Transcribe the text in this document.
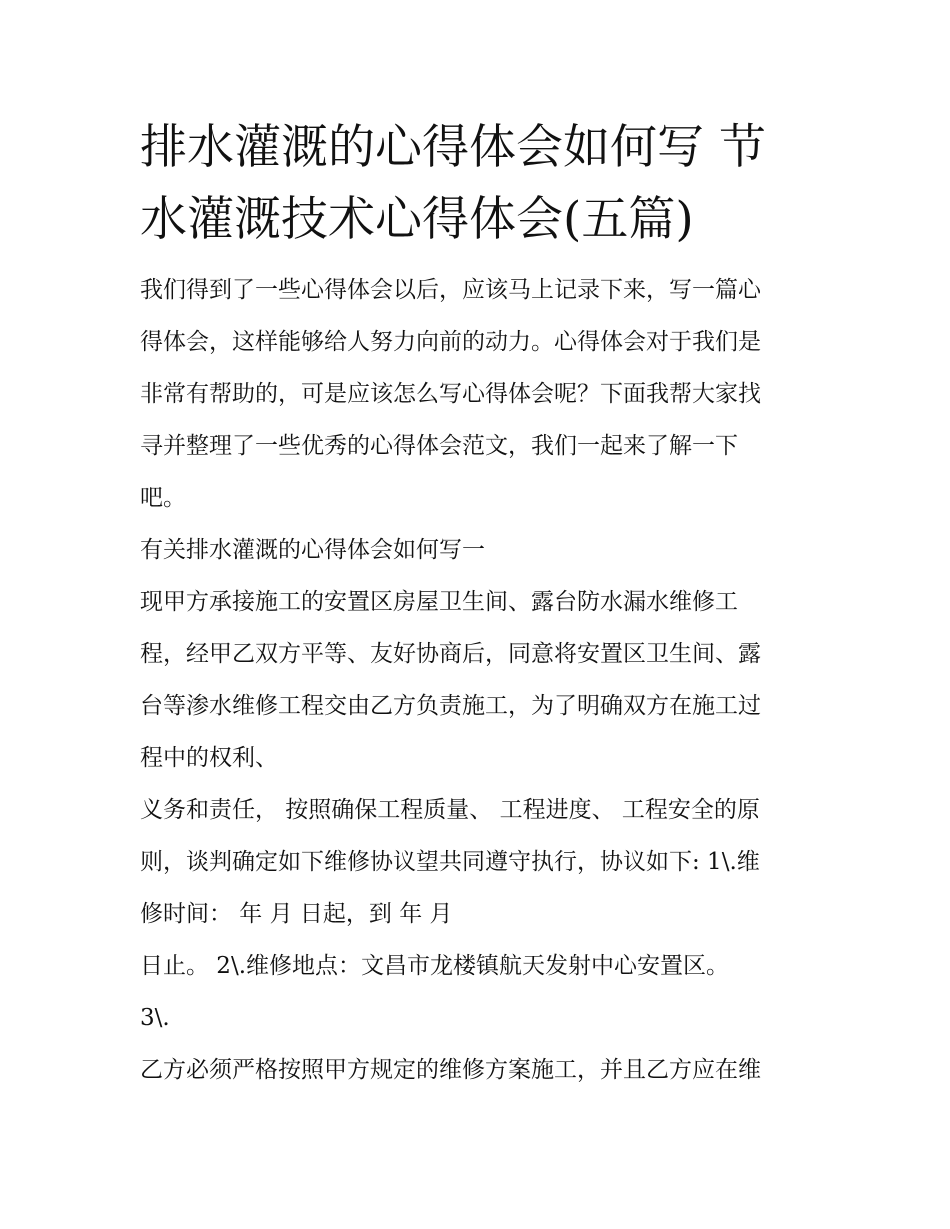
排水灌溉的心得体会如何写 节
水灌溉技术心得体会(五篇)

我们得到了一些心得体会以后，应该马上记录下来，写一篇心
得体会，这样能够给人努力向前的动力。心得体会对于我们是
非常有帮助的，可是应该怎么写心得体会呢？下面我帮大家找
寻并整理了一些优秀的心得体会范文，我们一起来了解一下
吧。

有关排水灌溉的心得体会如何写一

现甲方承接施工的安置区房屋卫生间、露台防水漏水维修工
程，经甲乙双方平等、友好协商后，同意将安置区卫生间、露
台等渗水维修工程交由乙方负责施工，为了明确双方在施工过
程中的权利、

义务和责任， 按照确保工程质量、 工程进度、 工程安全的原
则，谈判确定如下维修协议望共同遵守执行，协议如下: 1\.维
修时间： 年 月 日起，到 年 月

日止。 2\.维修地点：文昌市龙楼镇航天发射中心安置区。
3\.

乙方必须严格按照甲方规定的维修方案施工，并且乙方应在维
